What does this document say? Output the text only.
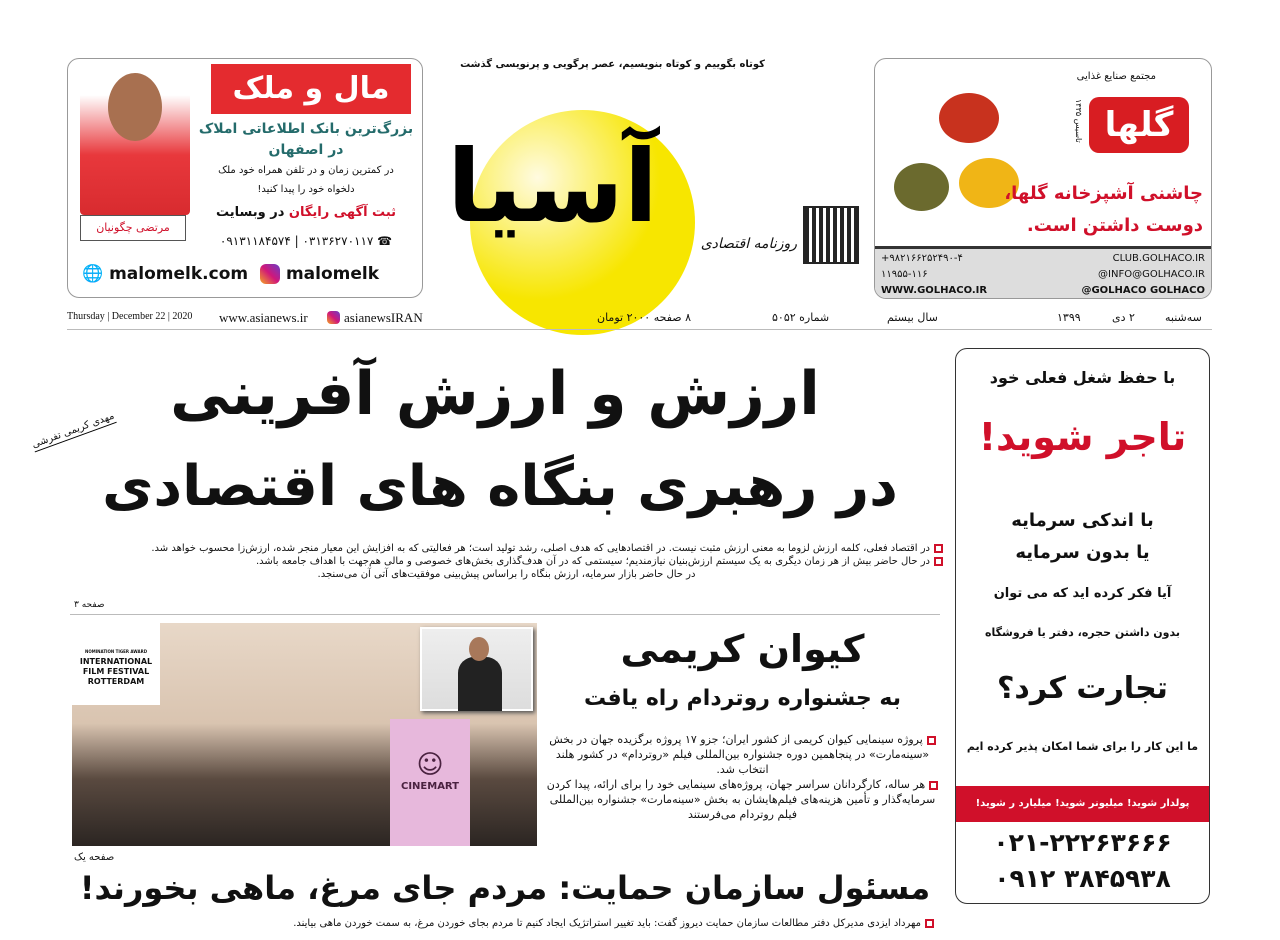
مرتضی چگونیان
مال و ملک
بزرگ‌ترین بانک اطلاعاتی املاک
در اصفهان
در کمترین زمان و در تلفن همراه خود ملک
دلخواه خود را پیدا کنید!
ثبت آگهی رایگان در وبسایت
☎ ۰۳۱۳۶۲۷۰۱۱۷ | ۰۹۱۳۱۱۸۴۵۷۴
🌐 malomelk.com malomelk
کوتاه بگوییم و کوتاه بنویسیم، عصر پرگویی و پرنویسی گذشت
آسیا	روزنامه اقتصادی
مجتمع صنایع غذایی
گلها
تاسیس ۱۳۳۵
چاشنی آشپزخانه گلها،
دوست داشتن است.
+۹۸۲۱۶۶۲۵۲۴۹۰-۴
۱۱۹۵۵-۱۱۶
WWW.GOLHACO.IR
CLUB.GOLHACO.IR
@INFO@GOLHACO.IR
@GOLHACO GOLHACO
Thursday | December 22 | 2020 www.asianews.ir	asianewsIRAN	۸ صفحه ۲۰۰۰ تومان	شماره ۵۰۵۲	سال بیستم	۱۳۹۹	۲ دی	سه‌شنبه
ارزش و ارزش آفرینی
در رهبری بنگاه های اقتصادی
مهدی کریمی تفرشی
در اقتصاد فعلی، کلمه ارزش لزوما به معنی ارزش مثبت نیست. در اقتصادهایی که هدف اصلی، رشد تولید است؛ هر فعالیتی که به افزایش این معیار منجر شده، ارزش‌زا محسوب خواهد شد.
در حال حاضر بیش از هر زمان دیگری به یک سیستم ارزش‌بنیان نیازمندیم؛ سیستمی که در آن هدف‌گذاری بخش‌های خصوصی و مالی هم‌جهت با اهداف جامعه باشد.
در حال حاضر بازار سرمایه، ارزش بنگاه را براساس پیش‌بینی موفقیت‌های آتی آن می‌سنجد.
صفحه ۳
NOMINATION TIGER AWARD
INTERNATIONAL FILM FESTIVAL ROTTERDAM
☺
CINEMART
کیوان کریمی
به جشنواره روتردام راه یافت
پروژه سینمایی کیوان کریمی از کشور ایران؛ جزو ۱۷ پروژه برگزیده جهان در بخش «سینه‌مارت» در پنجاهمین دوره جشنواره بین‌المللی فیلم «روتردام» در کشور هلند انتخاب شد.
هر ساله، کارگردانان سراسر جهان، پروژه‌های سینمایی خود را برای ارائه، پیدا کردن سرمایه‌گذار و تأمین هزینه‌های فیلم‌هایشان به بخش «سینه‌مارت» جشنواره بین‌المللی فیلم روتردام می‌فرستند
صفحه یک
مسئول سازمان حمایت: مردم جای مرغ، ماهی بخورند!
مهرداد ایزدی مدیرکل دفتر مطالعات سازمان حمایت دیروز گفت: باید تغییر استراتژیک ایجاد کنیم تا مردم بجای خوردن مرغ، به سمت خوردن ماهی بیایند.
با حفظ شغل فعلی خود
تاجر شوید!
با اندکی سرمایه
یا بدون سرمایه
آیا فکر کرده اید که می توان
بدون داشتن حجره، دفتر یا فروشگاه
تجارت کرد؟
ما این کار را برای شما امکان پذیر کرده ایم
پولدار شوید! میلیونر شوید! میلیارد ر شوید!
۰۲۱-۲۲۲۶۳۶۶۶
۰۹۱۲ ۳۸۴۵۹۳۸
